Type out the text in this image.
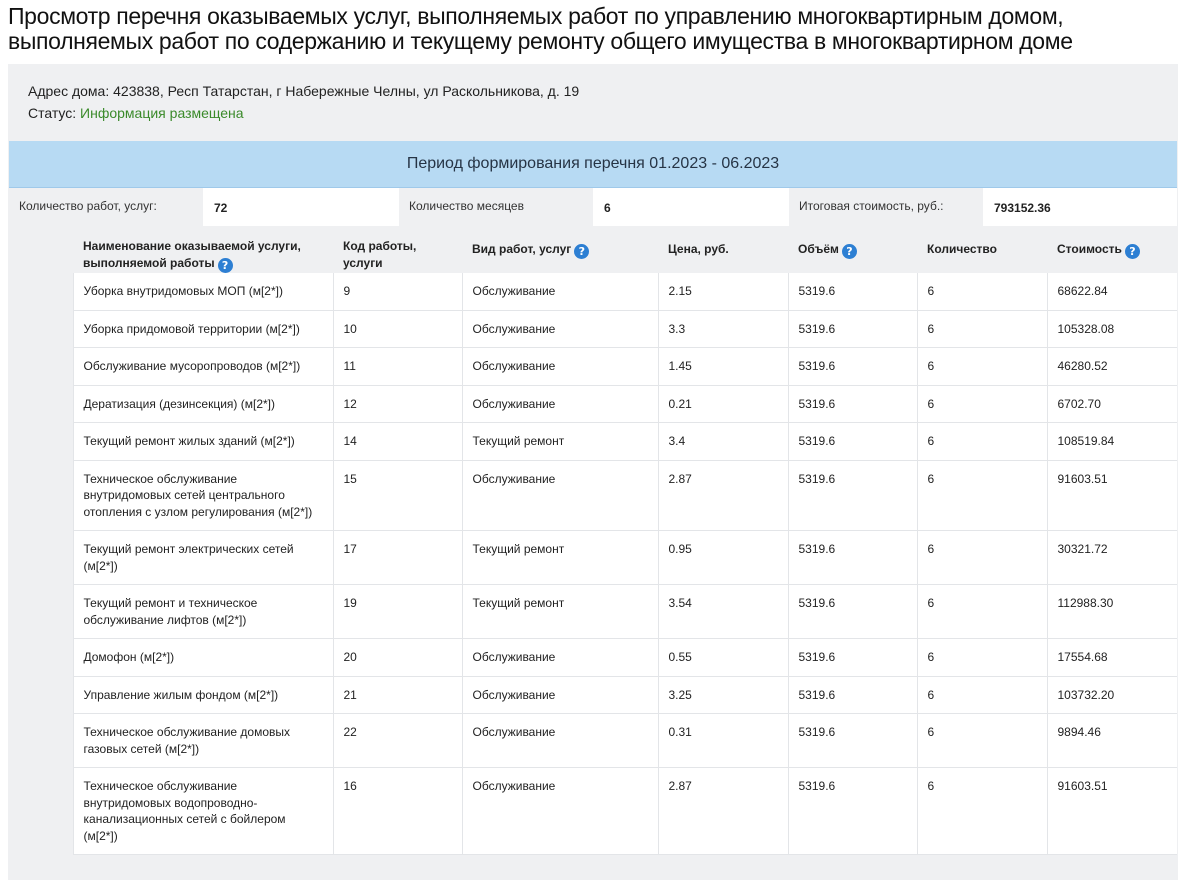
Просмотр перечня оказываемых услуг, выполняемых работ по управлению многоквартирным домом, выполняемых работ по содержанию и текущему ремонту общего имущества в многоквартирном доме
Адрес дома: 423838, Респ Татарстан, г Набережные Челны, ул Раскольникова, д. 19
Статус: Информация размещена
Период формирования перечня 01.2023 - 06.2023
Количество работ, услуг:	72	Количество месяцев	6	Итоговая стоимость, руб.:	793152.36
	Наименование оказываемой услуги, выполняемой работы ?	Код работы, услуги	Вид работ, услуг ?	Цена, руб.	Объём ?	Количество	Стоимость ?
	Уборка внутридомовых МОП (м[2*])	9	Обслуживание	2.15	5319.6	6	68622.84
	Уборка придомовой территории (м[2*])	10	Обслуживание	3.3	5319.6	6	105328.08
	Обслуживание мусоропроводов (м[2*])	11	Обслуживание	1.45	5319.6	6	46280.52
	Дератизация (дезинсекция) (м[2*])	12	Обслуживание	0.21	5319.6	6	6702.70
	Текущий ремонт жилых зданий (м[2*])	14	Текущий ремонт	3.4	5319.6	6	108519.84
	Техническое обслуживание внутридомовых сетей центрального отопления с узлом регулирования (м[2*])	15	Обслуживание	2.87	5319.6	6	91603.51
	Текущий ремонт электрических сетей (м[2*])	17	Текущий ремонт	0.95	5319.6	6	30321.72
	Текущий ремонт и техническое обслуживание лифтов (м[2*])	19	Текущий ремонт	3.54	5319.6	6	112988.30
	Домофон (м[2*])	20	Обслуживание	0.55	5319.6	6	17554.68
	Управление жилым фондом (м[2*])	21	Обслуживание	3.25	5319.6	6	103732.20
	Техническое обслуживание домовых газовых сетей (м[2*])	22	Обслуживание	0.31	5319.6	6	9894.46
	Техническое обслуживание внутридомовых водопроводно-канализационных сетей с бойлером (м[2*])	16	Обслуживание	2.87	5319.6	6	91603.51
